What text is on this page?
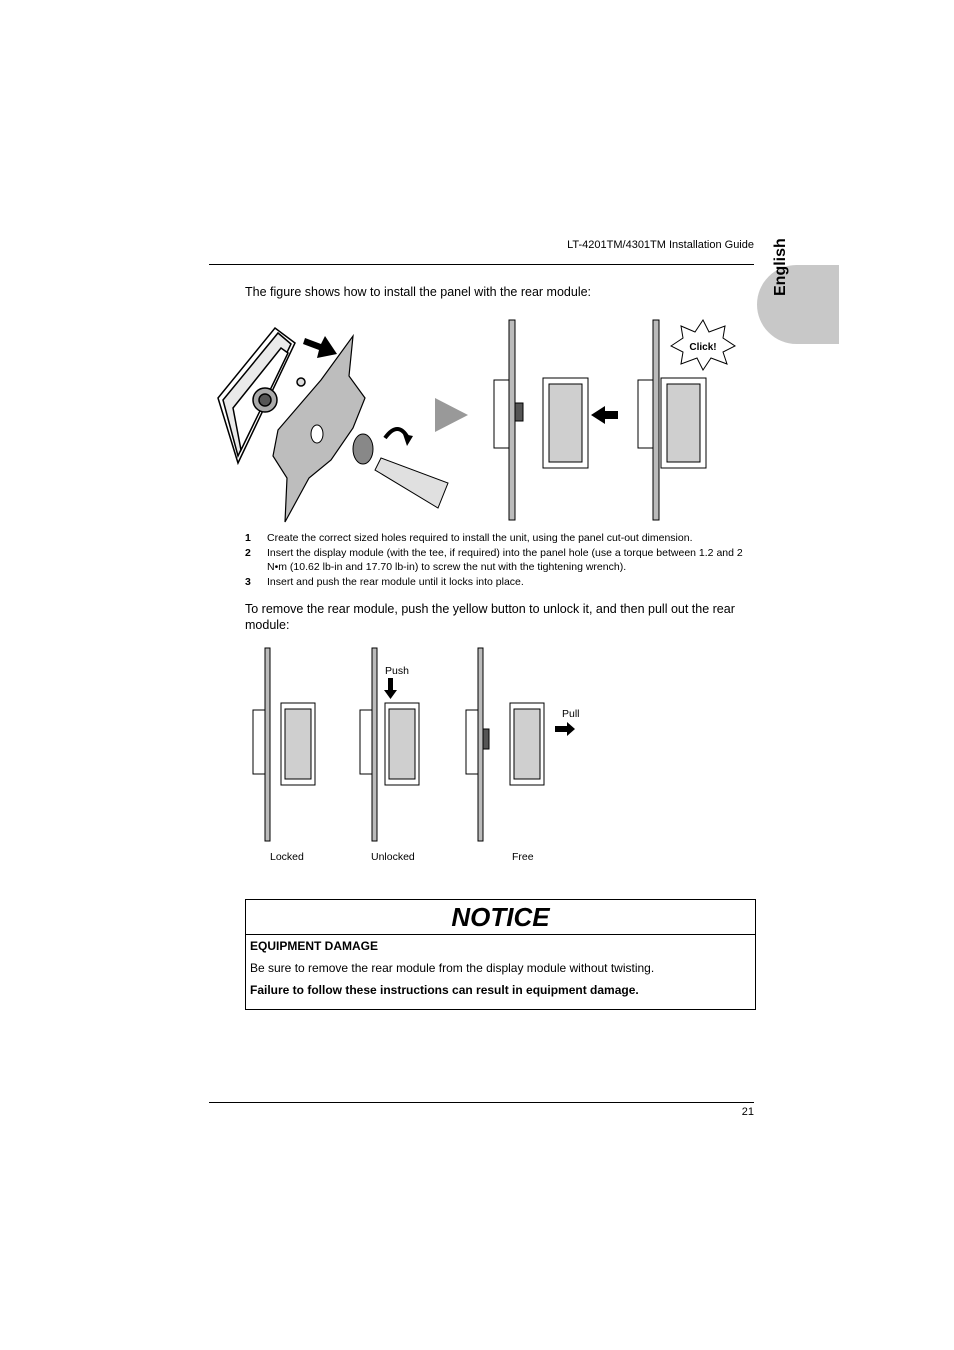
LT-4201TM/4301TM Installation Guide English
The figure shows how to install the panel with the rear module:
Click!
1	Create the correct sized holes required to install the unit, using the panel cut-out dimension.
2	Insert the display module (with the tee, if required) into the panel hole (use a torque between 1.2 and 2 N•m (10.62 lb-in and 17.70 lb-in) to screw the nut with the tightening wrench).
3	Insert and push the rear module until it locks into place.
To remove the rear module, push the yellow button to unlock it, and then pull out the rear module:
Push
Pull
Locked	Unlocked	Free
NOTICE
EQUIPMENT DAMAGE
Be sure to remove the rear module from the display module without twisting.
Failure to follow these instructions can result in equipment damage.
21
